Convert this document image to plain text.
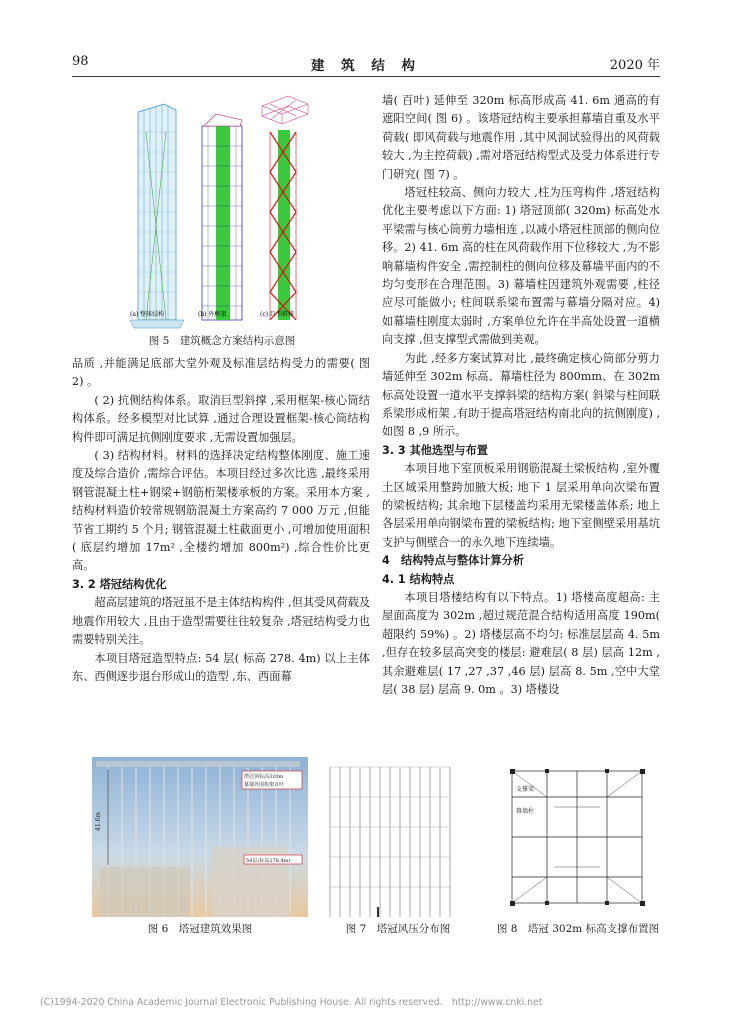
98	建 筑 结 构	2020 年
(a) 整体结构	(b) 外框架	(c) 巨型斜撑
图 5　建筑概念方案结构示意图

品质 ,并能满足底部大堂外观及标准层结构受力的需要( 图 2) 。

( 2) 抗侧结构体系。取消巨型斜撑 ,采用框架-核心筒结构体系。经多模型对比试算 ,通过合理设置框架-核心筒结构构件即可满足抗侧刚度要求 ,无需设置加强层。

( 3) 结构材料。材料的选择决定结构整体刚度、施工速度及综合造价 ,需综合评估。本项目经过多次比选 ,最终采用钢管混凝土柱+钢梁+钢筋桁架楼承板的方案。采用本方案 ,结构材料造价较常规钢筋混凝土方案高约 7 000 万元 ,但能节省工期约 5 个月; 钢管混凝土柱截面更小 ,可增加使用面积( 底层约增加 17m² ,全楼约增加 800m²) ,综合性价比更高。

3. 2 塔冠结构优化

超高层建筑的塔冠虽不是主体结构构件 ,但其受风荷载及地震作用较大 ,且由于造型需要往往较复杂 ,塔冠结构受力也需要特别关注。

本项目塔冠造型特点: 54 层( 标高 278. 4m) 以上主体东、西侧逐步退台形成山的造型 ,东、西面幕

墙( 百叶) 延伸至 320m 标高形成高 41. 6m 通高的有遮阳空间( 图 6) 。该塔冠结构主要承担幕墙自重及水平荷载( 即风荷载与地震作用 ,其中风洞试验得出的风荷载较大 ,为主控荷载) ,需对塔冠结构型式及受力体系进行专门研究( 图 7) 。

塔冠柱较高、侧向力较大 ,柱为压弯构件 ,塔冠结构优化主要考虑以下方面: 1) 塔冠顶部( 320m) 标高处水平梁需与核心筒剪力墙相连 ,以减小塔冠柱顶部的侧向位移。2) 41. 6m 高的柱在风荷载作用下位移较大 ,为不影响幕墙构件安全 ,需控制柱的侧向位移及幕墙平面内的不均匀变形在合理范围。3) 幕墙柱因建筑外观需要 ,柱径应尽可能做小; 柱间联系梁布置需与幕墙分隔对应。4) 如幕墙柱刚度太弱时 ,方案单位允许在半高处设置一道横向支撑 ,但支撑型式需做到美观。

为此 ,经多方案试算对比 ,最终确定核心筒部分剪力墙延伸至 302m 标高、幕墙柱径为 800mm、在 302m 标高处设置一道水平支撑斜梁的结构方案( 斜梁与柱间联系梁形成桁架 ,有助于提高塔冠结构南北向的抗侧刚度) ,如图 8 ,9 所示。

3. 3 其他选型与布置

本项目地下室顶板采用钢筋混凝土梁板结构 ,室外覆土区域采用整跨加腋大板; 地下 1 层采用单向次梁布置的梁板结构; 其余地下层楼盖均采用无梁楼盖体系; 地上各层采用单向钢梁布置的梁板结构; 地下室侧壁采用基坑支护与侧壁合一的永久地下连续墙。

4　结构特点与整体计算分析

4. 1 结构特点

本项目塔楼结构有以下特点。1) 塔楼高度超高: 主屋面高度为 302m ,超过规范混合结构适用高度 190m( 超限约 59%) 。2) 塔楼层高不均匀: 标准层层高 4. 5m ,但存在较多层高突变的楼层: 避难层( 8 层) 层高 12m ,其余避难层( 17 ,27 ,37 ,46 层) 层高 8. 5m ,空中大堂层( 38 层) 层高 9. 0m 。3) 塔楼设

41.6m
塔冠顶标高320m
幕墙外围构架百叶
54层(标高278.4m)
图 6　塔冠建筑效果图	图 7　塔冠风压分布图
支撑梁
幕墙柱
图 8　塔冠 302m 标高支撑布置图
(C)1994-2020 China Academic Journal Electronic Publishing House. All rights reserved.　http://www.cnki.net
